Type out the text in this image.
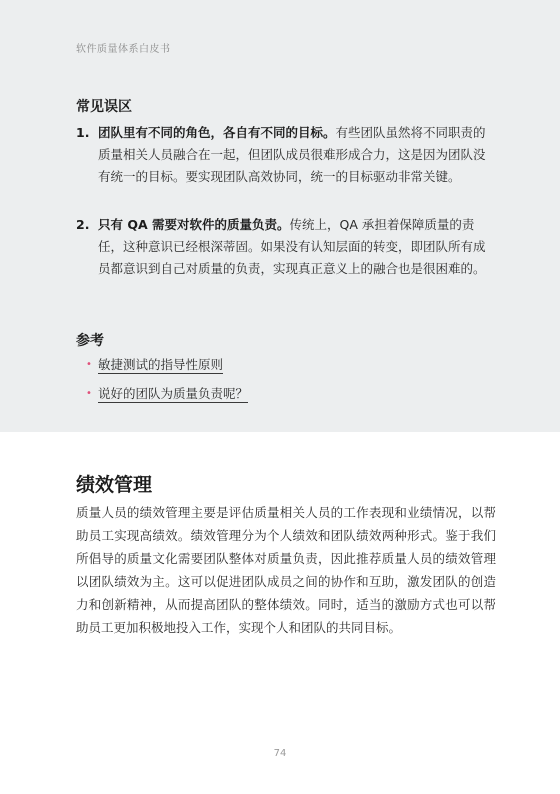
软件质量体系白皮书
常见误区
1. 团队里有不同的角色，各自有不同的目标。有些团队虽然将不同职责的质量相关人员融合在一起，但团队成员很难形成合力，这是因为团队没有统一的目标。要实现团队高效协同，统一的目标驱动非常关键。
2. 只有 QA 需要对软件的质量负责。传统上，QA 承担着保障质量的责任，这种意识已经根深蒂固。如果没有认知层面的转变，即团队所有成员都意识到自己对质量的负责，实现真正意义上的融合也是很困难的。
参考
• 敏捷测试的指导性原则
• 说好的团队为质量负责呢？
绩效管理
质量人员的绩效管理主要是评估质量相关人员的工作表现和业绩情况，以帮助员工实现高绩效。绩效管理分为个人绩效和团队绩效两种形式。鉴于我们所倡导的质量文化需要团队整体对质量负责，因此推荐质量人员的绩效管理以团队绩效为主。这可以促进团队成员之间的协作和互助，激发团队的创造力和创新精神，从而提高团队的整体绩效。同时，适当的激励方式也可以帮助员工更加积极地投入工作，实现个人和团队的共同目标。
74
